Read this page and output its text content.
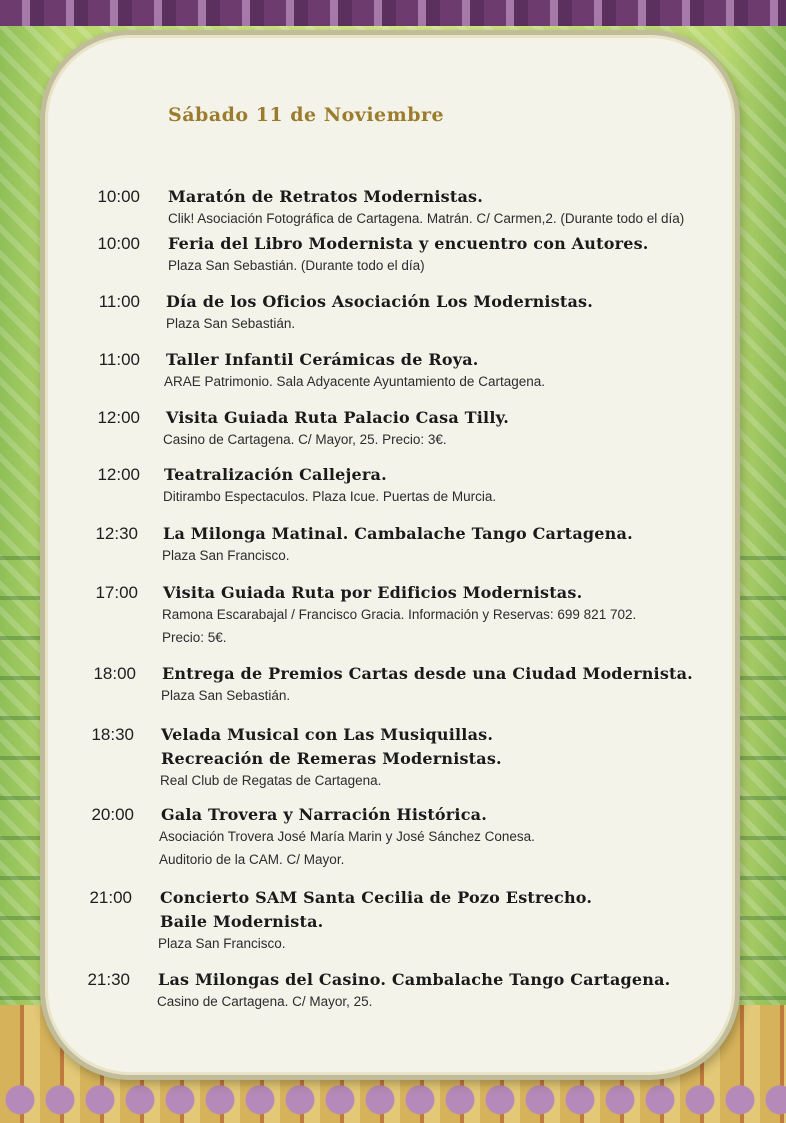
Sábado 11 de Noviembre
10:00 Maratón de Retratos Modernistas.
Clik! Asociación Fotográfica de Cartagena. Matrán. C/ Carmen,2. (Durante todo el día)
10:00 Feria del Libro Modernista y encuentro con Autores.
Plaza San Sebastián. (Durante todo el día)
11:00 Día de los Oficios Asociación Los Modernistas.
Plaza San Sebastián.
11:00 Taller Infantil Cerámicas de Roya.
ARAE Patrimonio. Sala Adyacente Ayuntamiento de Cartagena.
12:00 Visita Guiada Ruta Palacio Casa Tilly.
Casino de Cartagena. C/ Mayor, 25. Precio: 3€.
12:00 Teatralización Callejera.
Ditirambo Espectaculos. Plaza Icue. Puertas de Murcia.
12:30 La Milonga Matinal. Cambalache Tango Cartagena.
Plaza San Francisco.
17:00 Visita Guiada Ruta por Edificios Modernistas.
Ramona Escarabajal / Francisco Gracia. Información y Reservas: 699 821 702.
Precio: 5€.
18:00 Entrega de Premios Cartas desde una Ciudad Modernista.
Plaza San Sebastián.
18:30 Velada Musical con Las Musiquillas.
Recreación de Remeras Modernistas.
Real Club de Regatas de Cartagena.
20:00 Gala Trovera y Narración Histórica.
Asociación Trovera José María Marin y José Sánchez Conesa.
Auditorio de la CAM. C/ Mayor.
21:00 Concierto SAM Santa Cecilia de Pozo Estrecho.
Baile Modernista.
Plaza San Francisco.
21:30 Las Milongas del Casino. Cambalache Tango Cartagena.
Casino de Cartagena. C/ Mayor, 25.
